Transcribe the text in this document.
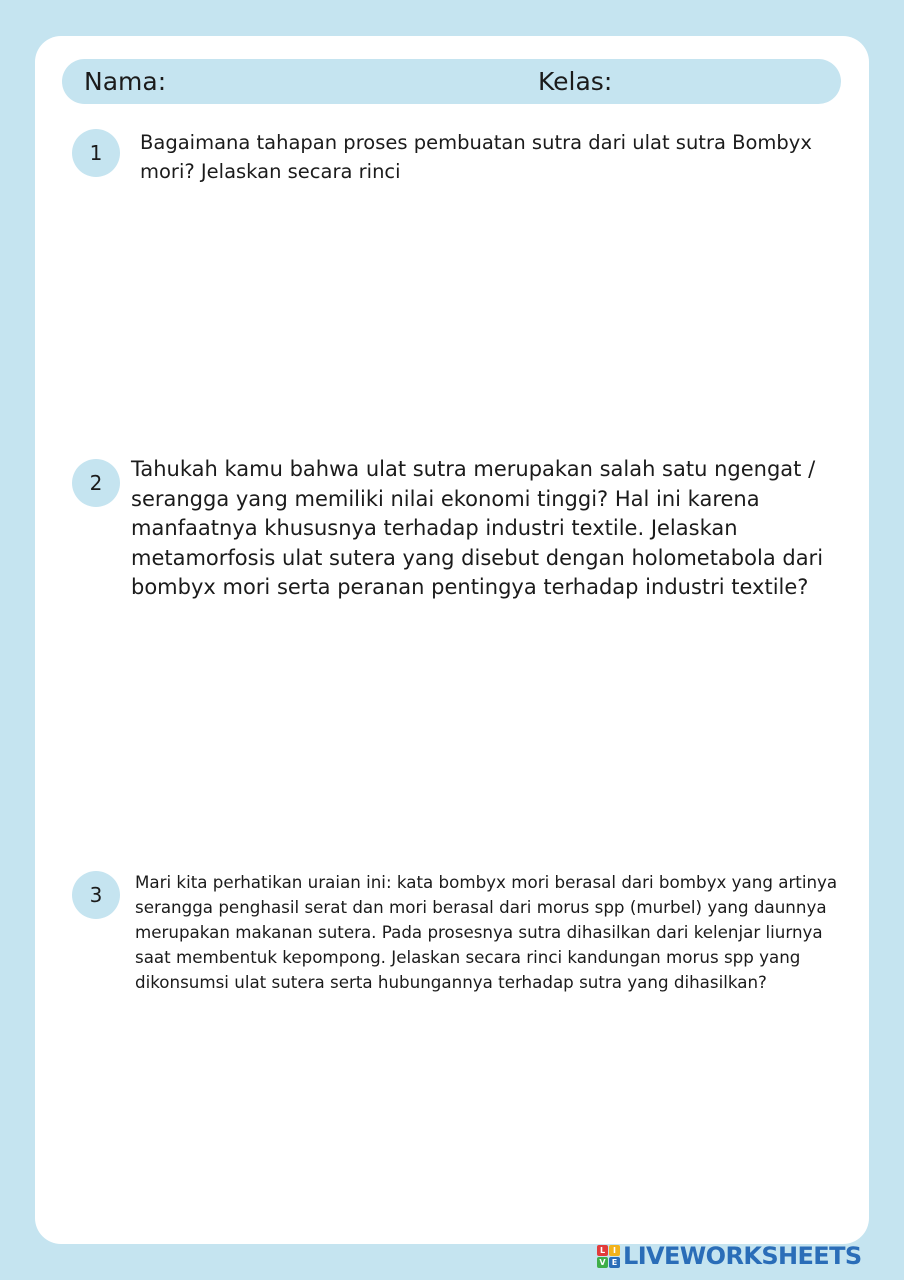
Nama:	Kelas:
1	Bagaimana tahapan proses pembuatan sutra dari ulat sutra Bombyx mori? Jelaskan secara rinci

2

Tahukah kamu bahwa ulat sutra merupakan salah satu ngengat / serangga yang memiliki nilai ekonomi tinggi? Hal ini karena manfaatnya khususnya terhadap industri textile. Jelaskan metamorfosis ulat sutera yang disebut dengan holometabola dari bombyx mori serta peranan pentingya terhadap industri textile?

3

Mari kita perhatikan uraian ini: kata bombyx mori berasal dari bombyx yang artinya serangga penghasil serat dan mori berasal dari morus spp (murbel) yang daunnya merupakan makanan sutera. Pada prosesnya sutra dihasilkan dari kelenjar liurnya saat membentuk kepompong. Jelaskan secara rinci kandungan morus spp yang dikonsumsi ulat sutera serta hubungannya terhadap sutra yang dihasilkan?

L I
V E LIVEWORKSHEETS
